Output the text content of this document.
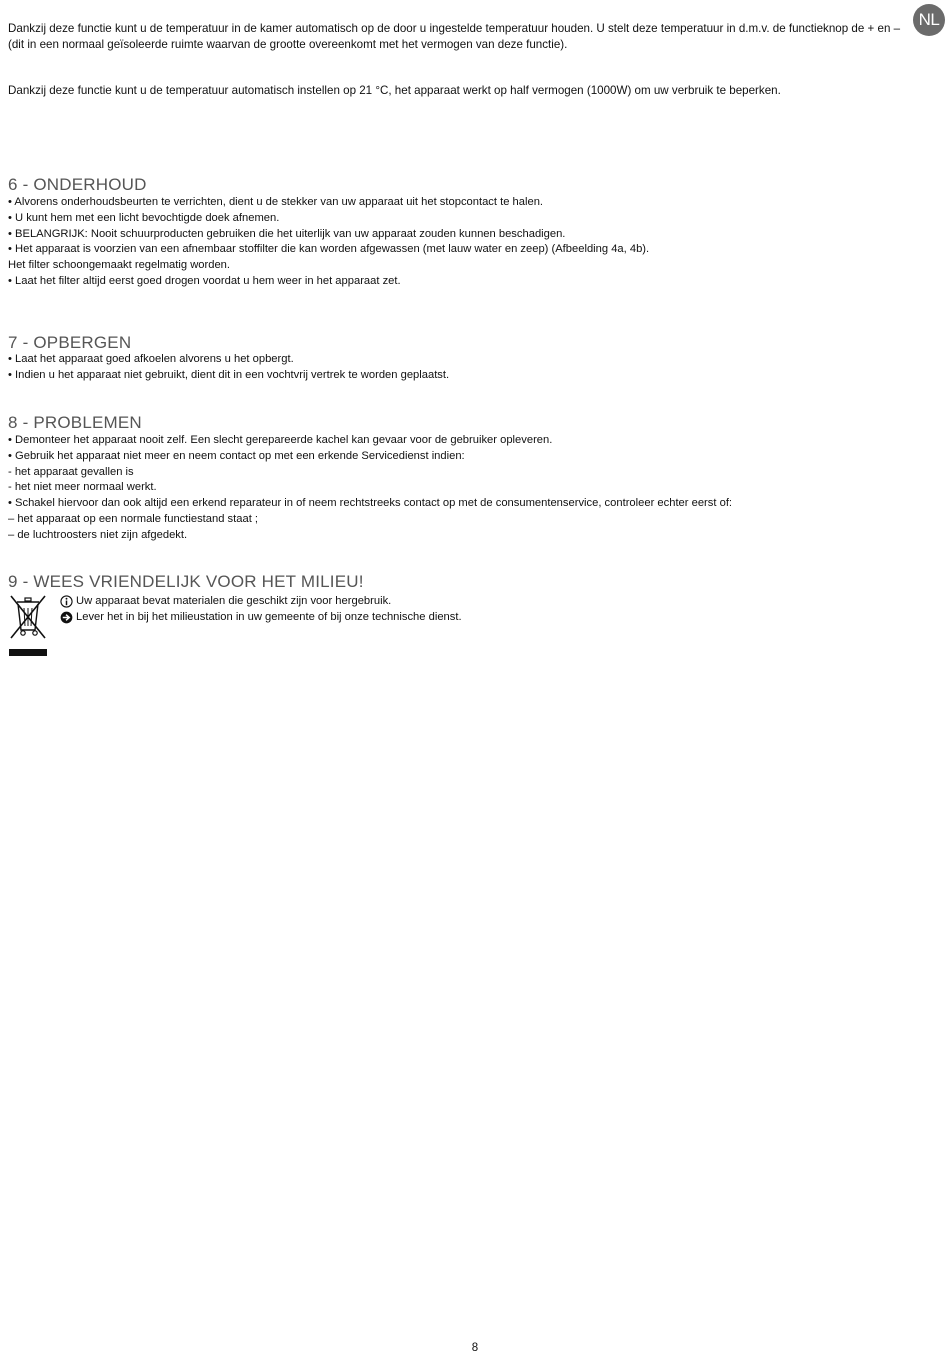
NL

Dankzij deze functie kunt u de temperatuur in de kamer automatisch op de door u ingestelde temperatuur houden. U stelt deze temperatuur in d.m.v. de functieknop de + en – (dit in een normaal geïsoleerde ruimte waarvan de grootte overeenkomt met het vermogen van deze functie).

Dankzij deze functie kunt u de temperatuur automatisch instellen op 21 °C, het apparaat werkt op half vermogen (1000W) om uw verbruik te beperken.

6 - ONDERHOUD
• Alvorens onderhoudsbeurten te verrichten, dient u de stekker van uw apparaat uit het stopcontact te halen.
• U kunt hem met een licht bevochtigde doek afnemen.
• BELANGRIJK: Nooit schuurproducten gebruiken die het uiterlijk van uw apparaat zouden kunnen beschadigen.
• Het apparaat is voorzien van een afnembaar stoffilter die kan worden afgewassen (met lauw water en zeep) (Afbeelding 4a, 4b).
Het filter schoongemaakt regelmatig worden.
• Laat het filter altijd eerst goed drogen voordat u hem weer in het apparaat zet.
7 - OPBERGEN
• Laat het apparaat goed afkoelen alvorens u het opbergt.
• Indien u het apparaat niet gebruikt, dient dit in een vochtvrij vertrek te worden geplaatst.
8 - PROBLEMEN
• Demonteer het apparaat nooit zelf. Een slecht gerepareerde kachel kan gevaar voor de gebruiker opleveren.
• Gebruik het apparaat niet meer en neem contact op met een erkende Servicedienst indien:
- het apparaat gevallen is
- het niet meer normaal werkt.
• Schakel hiervoor dan ook altijd een erkend reparateur in of neem rechtstreeks contact op met de consumentenservice, controleer echter eerst of:
– het apparaat op een normale functiestand staat ;
– de luchtroosters niet zijn afgedekt.
9 - WEES VRIENDELIJK VOOR HET MILIEU!
Uw apparaat bevat materialen die geschikt zijn voor hergebruik.
Lever het in bij het milieustation in uw gemeente of bij onze technische dienst.
8
